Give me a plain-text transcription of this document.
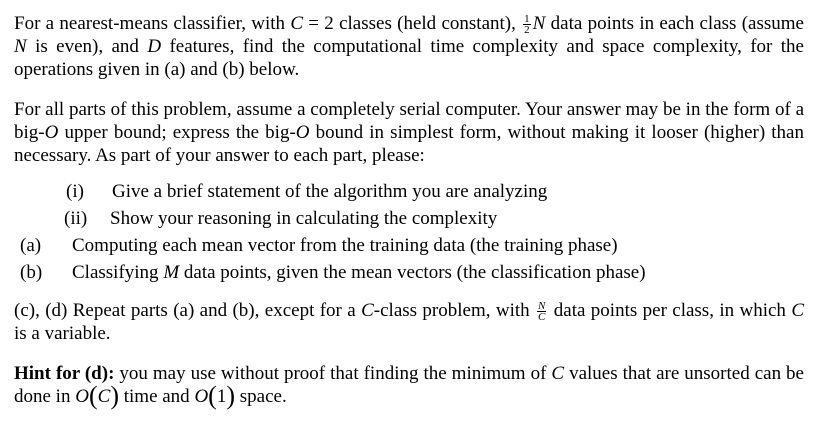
For a nearest-means classifier, with C = 2 classes (held constant), $\frac{1}{2}$ N data points in each class (assume N is even), and D features, find the computational time complexity and space complexity, for the operations given in (a) and (b) below.

For all parts of this problem, assume a completely serial computer. Your answer may be in the form of a big-O upper bound; express the big-O bound in simplest form, without making it looser (higher) than necessary. As part of your answer to each part, please:

(i) Give a brief statement of the algorithm you are analyzing
(ii) Show your reasoning in calculating the complexity
(a) Computing each mean vector from the training data (the training phase)
(b) Classifying M data points, given the mean vectors (the classification phase)

(c), (d) Repeat parts (a) and (b), except for a C-class problem, with $\frac{N}{C}$ data points per class, in which C is a variable.

Hint for (d): you may use without proof that finding the minimum of C values that are unsorted can be done in O(C) time and O(1) space.
